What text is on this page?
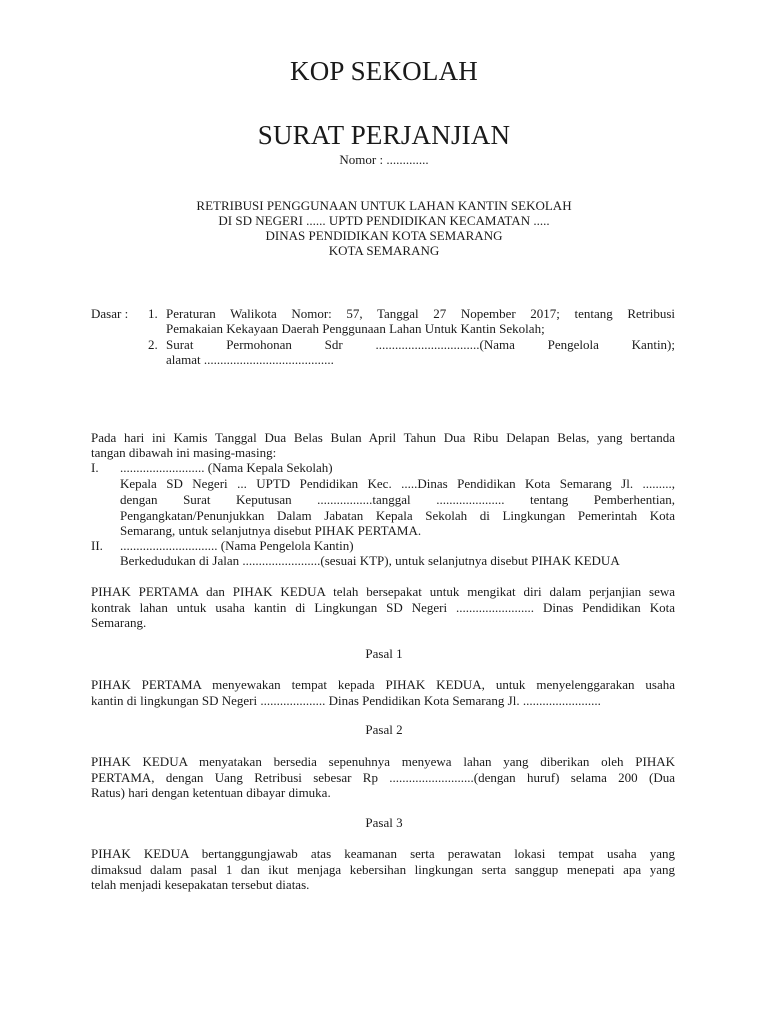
KOP SEKOLAH
SURAT PERJANJIAN
Nomor : .............
RETRIBUSI PENGGUNAAN UNTUK LAHAN KANTIN SEKOLAH
DI SD NEGERI ...... UPTD PENDIDIKAN KECAMATAN .....
DINAS PENDIDIKAN KOTA SEMARANG
KOTA SEMARANG
Dasar : 1. Peraturan Walikota Nomor: 57, Tanggal 27 Nopember 2017; tentang Retribusi
Pemakaian Kekayaan Daerah Penggunaan Lahan Untuk Kantin Sekolah;
2. Surat Permohonan Sdr ................................(Nama Pengelola Kantin);
alamat ........................................
Pada hari ini Kamis Tanggal Dua Belas Bulan April Tahun Dua Ribu Delapan Belas, yang bertanda
tangan dibawah ini masing-masing:
I. .......................... (Nama Kepala Sekolah)
Kepala SD Negeri ... UPTD Pendidikan Kec. .....Dinas Pendidikan Kota Semarang Jl. .........,
dengan Surat Keputusan .................tanggal ..................... tentang Pemberhentian,
Pengangkatan/Penunjukkan Dalam Jabatan Kepala Sekolah di Lingkungan Pemerintah Kota
Semarang, untuk selanjutnya disebut PIHAK PERTAMA.
II. .............................. (Nama Pengelola Kantin)
Berkedudukan di Jalan ........................(sesuai KTP), untuk selanjutnya disebut PIHAK KEDUA
PIHAK PERTAMA dan PIHAK KEDUA telah bersepakat untuk mengikat diri dalam perjanjian sewa
kontrak lahan untuk usaha kantin di Lingkungan SD Negeri ........................ Dinas Pendidikan Kota
Semarang.
Pasal 1
PIHAK PERTAMA menyewakan tempat kepada PIHAK KEDUA, untuk menyelenggarakan usaha
kantin di lingkungan SD Negeri .................... Dinas Pendidikan Kota Semarang Jl. ........................
Pasal 2
PIHAK KEDUA menyatakan bersedia sepenuhnya menyewa lahan yang diberikan oleh PIHAK
PERTAMA, dengan Uang Retribusi sebesar Rp ..........................(dengan huruf) selama 200 (Dua
Ratus) hari dengan ketentuan dibayar dimuka.
Pasal 3
PIHAK KEDUA bertanggungjawab atas keamanan serta perawatan lokasi tempat usaha yang
dimaksud dalam pasal 1 dan ikut menjaga kebersihan lingkungan serta sanggup menepati apa yang
telah menjadi kesepakatan tersebut diatas.
